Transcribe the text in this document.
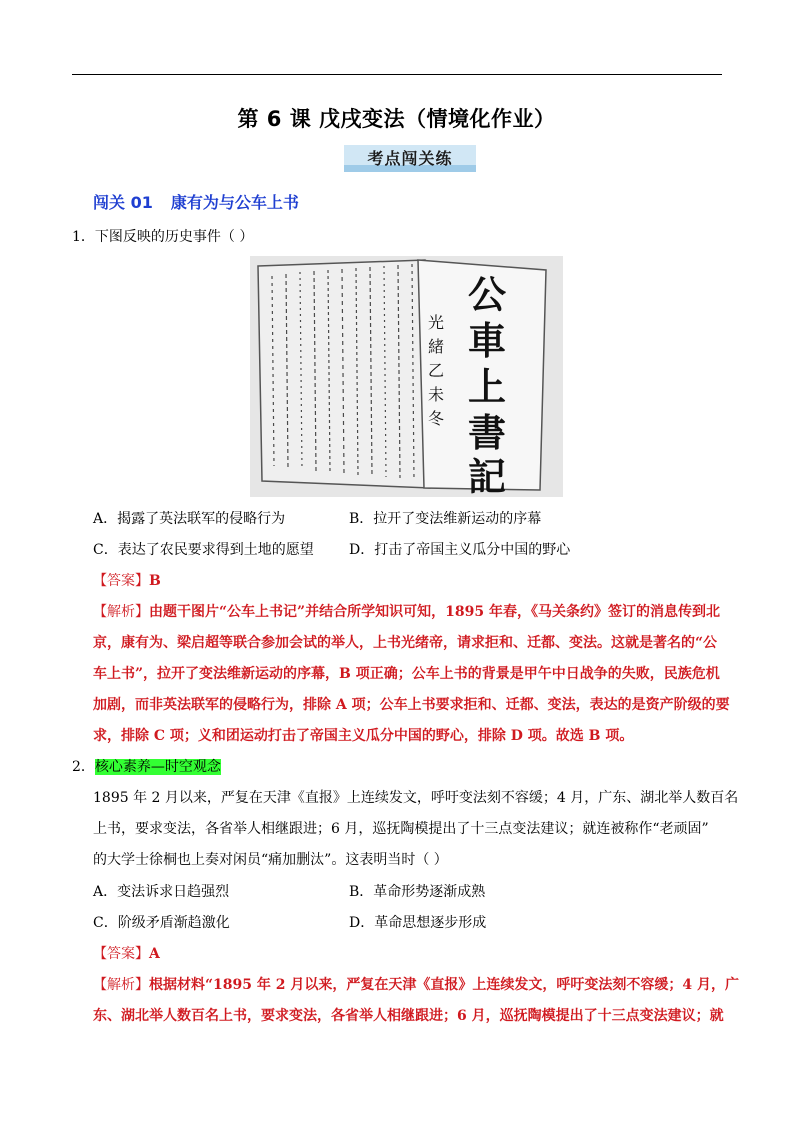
第 6 课 戊戌变法（情境化作业）
考点闯关练
闯关 01 康有为与公车上书
1．下图反映的历史事件（ ）
光
緒
乙
未
冬
公
車
上
書
記
A．揭露了英法联军的侵略行为	B．拉开了变法维新运动的序幕
C．表达了农民要求得到土地的愿望	D．打击了帝国主义瓜分中国的野心
【答案】B
【解析】由题干图片“公车上书记”并结合所学知识可知，1895 年春，《马关条约》签订的消息传到北
京，康有为、梁启超等联合参加会试的举人，上书光绪帝，请求拒和、迁都、变法。这就是著名的“公
车上书”，拉开了变法维新运动的序幕，B 项正确；公车上书的背景是甲午中日战争的失败，民族危机
加剧，而非英法联军的侵略行为，排除 A 项；公车上书要求拒和、迁都、变法，表达的是资产阶级的要
求，排除 C 项；义和团运动打击了帝国主义瓜分中国的野心，排除 D 项。故选 B 项。
2．核心素养—时空观念
1895 年 2 月以来，严复在天津《直报》上连续发文，呼吁变法刻不容缓；4 月，广东、湖北举人数百名
上书，要求变法，各省举人相继跟进；6 月，巡抚陶模提出了十三点变法建议；就连被称作“老顽固”
的大学士徐桐也上奏对闲员“痛加删汰”。这表明当时（ ）
A．变法诉求日趋强烈	B．革命形势逐渐成熟
C．阶级矛盾渐趋激化	D．革命思想逐步形成
【答案】A
【解析】根据材料“1895 年 2 月以来，严复在天津《直报》上连续发文，呼吁变法刻不容缓；4 月，广
东、湖北举人数百名上书，要求变法，各省举人相继跟进；6 月，巡抚陶模提出了十三点变法建议；就
